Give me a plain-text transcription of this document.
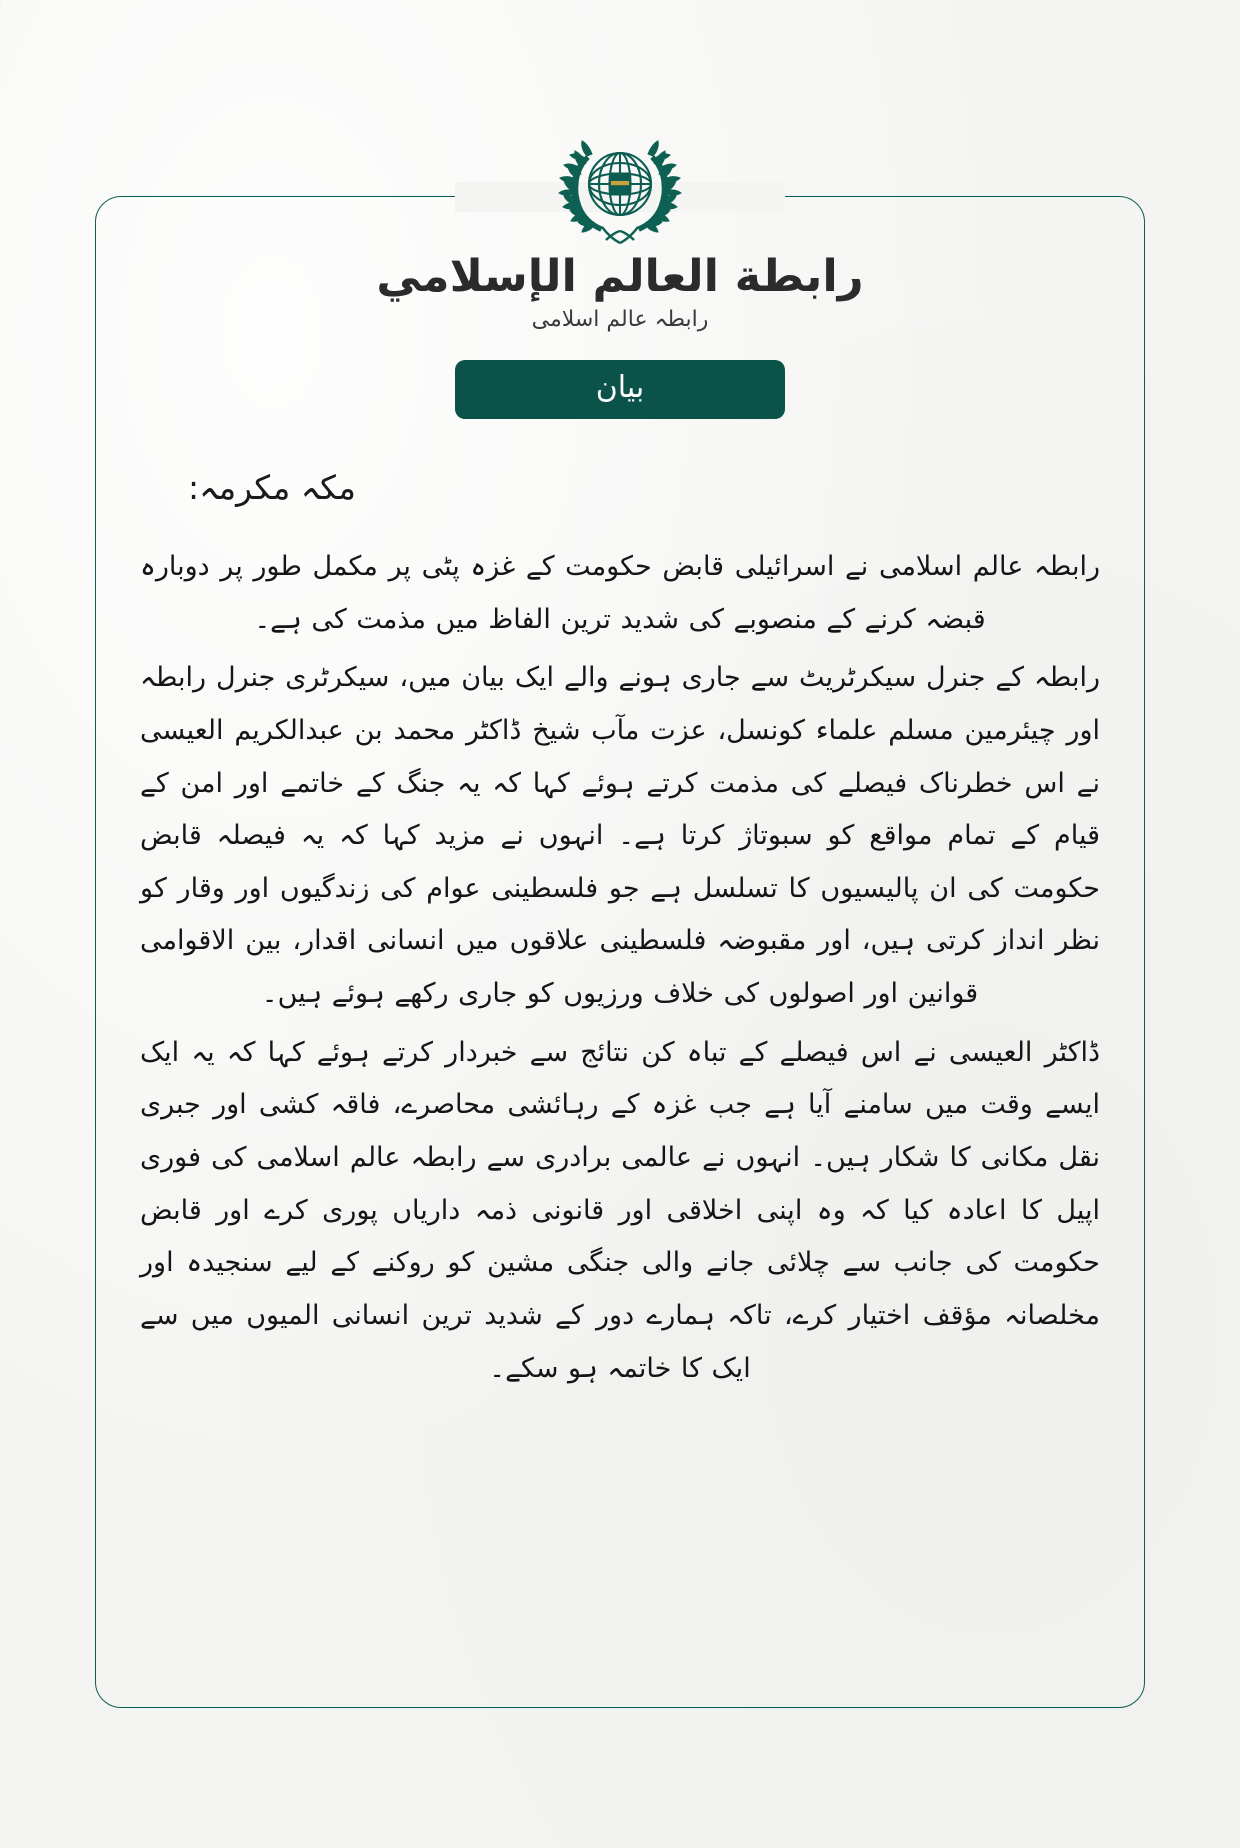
رابطة العالم الإسلامي
رابطہ عالم اسلامی
بیان
مکہ مکرمہ:

رابطہ عالم اسلامی نے اسرائیلی قابض حکومت کے غزہ پٹی پر مکمل طور پر دوبارہ قبضہ کرنے کے منصوبے کی شدید ترین الفاظ میں مذمت کی ہے۔

رابطہ کے جنرل سیکرٹریٹ سے جاری ہونے والے ایک بیان میں، سیکرٹری جنرل رابطہ اور چیئرمین مسلم علماء کونسل، عزت مآب شیخ ڈاکٹر محمد بن عبدالکریم العیسی نے اس خطرناک فیصلے کی مذمت کرتے ہوئے کہا کہ یہ جنگ کے خاتمے اور امن کے قیام کے تمام مواقع کو سبوتاژ کرتا ہے۔ انہوں نے مزید کہا کہ یہ فیصلہ قابض حکومت کی ان پالیسیوں کا تسلسل ہے جو فلسطینی عوام کی زندگیوں اور وقار کو نظر انداز کرتی ہیں، اور مقبوضہ فلسطینی علاقوں میں انسانی اقدار، بین الاقوامی قوانین اور اصولوں کی خلاف ورزیوں کو جاری رکھے ہوئے ہیں۔

ڈاکٹر العیسی نے اس فیصلے کے تباہ کن نتائج سے خبردار کرتے ہوئے کہا کہ یہ ایک ایسے وقت میں سامنے آیا ہے جب غزہ کے رہائشی محاصرے، فاقہ کشی اور جبری نقل مکانی کا شکار ہیں۔ انہوں نے عالمی برادری سے رابطہ عالم اسلامی کی فوری اپیل کا اعادہ کیا کہ وہ اپنی اخلاقی اور قانونی ذمہ داریاں پوری کرے اور قابض حکومت کی جانب سے چلائی جانے والی جنگی مشین کو روکنے کے لیے سنجیدہ اور مخلصانہ مؤقف اختیار کرے، تاکہ ہمارے دور کے شدید ترین انسانی المیوں میں سے ایک کا خاتمہ ہو سکے۔
